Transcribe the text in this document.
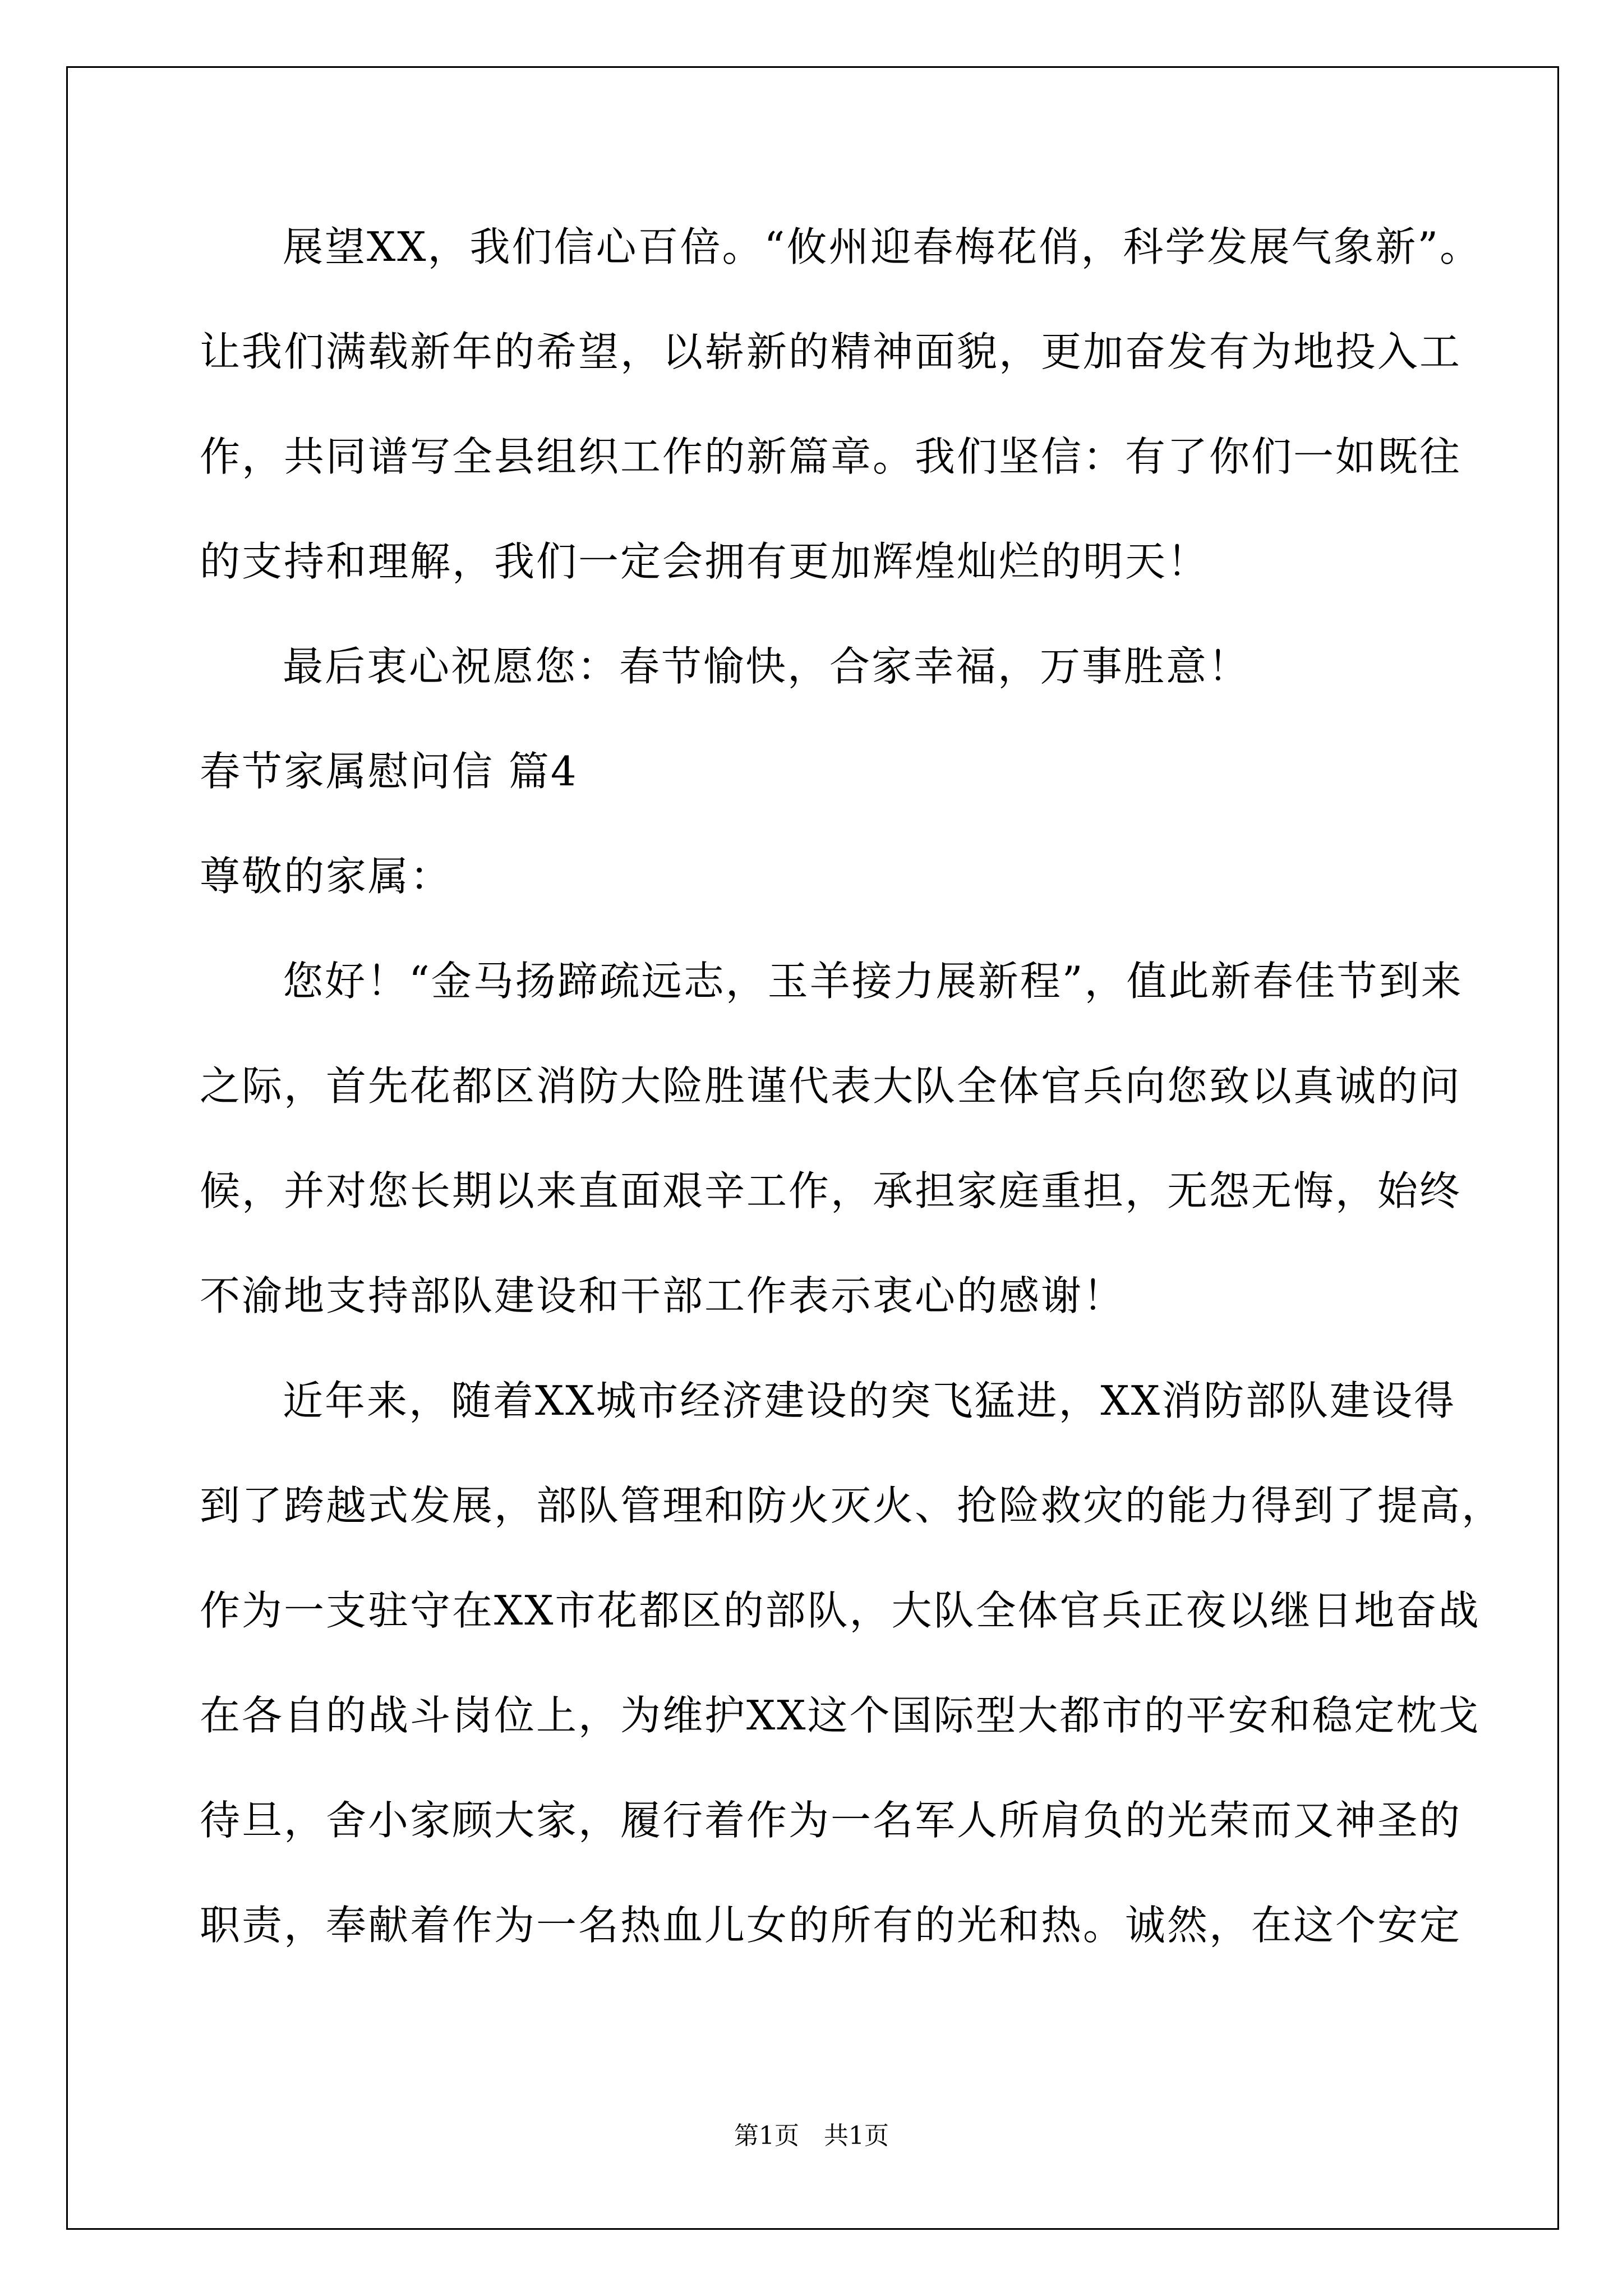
展望XX，我们信心百倍。“攸州迎春梅花俏，科学发展气象新”。
让我们满载新年的希望，以崭新的精神面貌，更加奋发有为地投入工
作，共同谱写全县组织工作的新篇章。我们坚信：有了你们一如既往
的支持和理解，我们一定会拥有更加辉煌灿烂的明天！
最后衷心祝愿您：春节愉快，合家幸福，万事胜意！
春节家属慰问信 篇4
尊敬的家属：
您好！“金马扬蹄疏远志，玉羊接力展新程”，值此新春佳节到来
之际，首先花都区消防大险胜谨代表大队全体官兵向您致以真诚的问
候，并对您长期以来直面艰辛工作，承担家庭重担，无怨无悔，始终
不渝地支持部队建设和干部工作表示衷心的感谢！
近年来，随着XX城市经济建设的突飞猛进，XX消防部队建设得
到了跨越式发展，部队管理和防火灭火、抢险救灾的能力得到了提高，
作为一支驻守在XX市花都区的部队，大队全体官兵正夜以继日地奋战
在各自的战斗岗位上，为维护XX这个国际型大都市的平安和稳定枕戈
待旦，舍小家顾大家，履行着作为一名军人所肩负的光荣而又神圣的
职责，奉献着作为一名热血儿女的所有的光和热。诚然，在这个安定
第1页　共1页
